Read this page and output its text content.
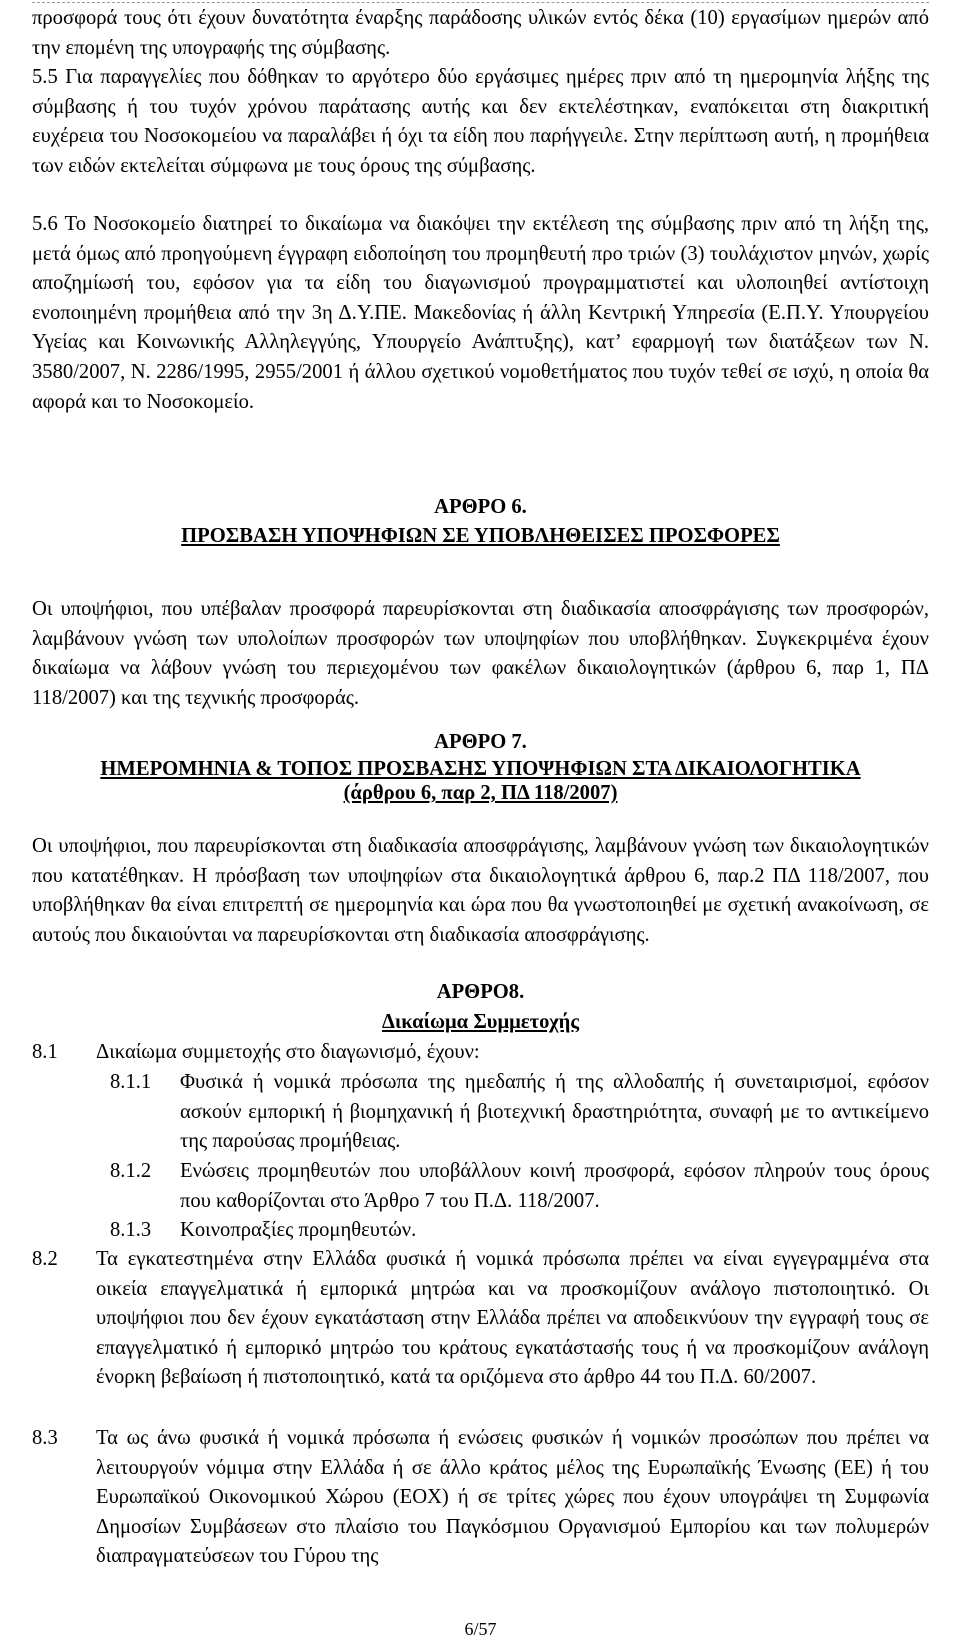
προσφορά τους ότι έχουν δυνατότητα έναρξης παράδοσης υλικών εντός δέκα (10) εργασίμων ημερών από την επομένη της υπογραφής της σύμβασης.

5.5 Για παραγγελίες που δόθηκαν το αργότερο δύο εργάσιμες ημέρες πριν από τη ημερομηνία λήξης της σύμβασης ή του τυχόν χρόνου παράτασης αυτής και δεν εκτελέστηκαν, εναπόκειται στη διακριτική ευχέρεια του Νοσοκομείου να παραλάβει ή όχι τα είδη που παρήγγειλε. Στην περίπτωση αυτή, η προμήθεια των ειδών εκτελείται σύμφωνα με τους όρους της σύμβασης.

5.6 Το Νοσοκομείο διατηρεί το δικαίωμα να διακόψει την εκτέλεση της σύμβασης πριν από τη λήξη της, μετά όμως από προηγούμενη έγγραφη ειδοποίηση του προμηθευτή προ τριών (3) τουλάχιστον μηνών, χωρίς αποζημίωσή του, εφόσον για τα είδη του διαγωνισμού προγραμματιστεί και υλοποιηθεί αντίστοιχη ενοποιημένη προμήθεια από την 3η Δ.Υ.ΠΕ. Μακεδονίας ή άλλη Κεντρική Υπηρεσία (Ε.Π.Υ. Υπουργείου Υγείας και Κοινωνικής Αλληλεγγύης, Υπουργείο Ανάπτυξης), κατ’ εφαρμογή των διατάξεων των Ν. 3580/2007, Ν. 2286/1995, 2955/2001 ή άλλου σχετικού νομοθετήματος που τυχόν τεθεί σε ισχύ, η οποία θα αφορά και το Νοσοκομείο.

ΑΡΘΡΟ 6.
ΠΡΟΣΒΑΣΗ ΥΠΟΨΗΦΙΩΝ ΣΕ ΥΠΟΒΛΗΘΕΙΣΕΣ ΠΡΟΣΦΟΡΕΣ

Οι υποψήφιοι, που υπέβαλαν προσφορά παρευρίσκονται στη διαδικασία αποσφράγισης των προσφορών, λαμβάνουν γνώση των υπολοίπων προσφορών των υποψηφίων που υποβλήθηκαν. Συγκεκριμένα έχουν δικαίωμα να λάβουν γνώση του περιεχομένου των φακέλων δικαιολογητικών (άρθρου 6, παρ 1, ΠΔ 118/2007) και της τεχνικής προσφοράς.

ΑΡΘΡΟ 7.
ΗΜΕΡΟΜΗΝΙΑ & ΤΟΠΟΣ ΠΡΟΣΒΑΣΗΣ ΥΠΟΨΗΦΙΩΝ ΣΤΑ ΔΙΚΑΙΟΛΟΓΗΤΙΚΑ
(άρθρου 6, παρ 2, ΠΔ 118/2007)

Οι υποψήφιοι, που παρευρίσκονται στη διαδικασία αποσφράγισης, λαμβάνουν γνώση των δικαιολογητικών που κατατέθηκαν. Η πρόσβαση των υποψηφίων στα δικαιολογητικά άρθρου 6, παρ.2 ΠΔ 118/2007, που υποβλήθηκαν θα είναι επιτρεπτή σε ημερομηνία και ώρα που θα γνωστοποιηθεί με σχετική ανακοίνωση, σε αυτούς που δικαιούνται να παρευρίσκονται στη διαδικασία αποσφράγισης.

ΑΡΘΡΟ8.
Δικαίωμα Συμμετοχής
8.1 Δικαίωμα συμμετοχής στο διαγωνισμό, έχουν:

8.1.1 Φυσικά ή νομικά πρόσωπα της ημεδαπής ή της αλλοδαπής ή συνεταιρισμοί, εφόσον ασκούν εμπορική ή βιομηχανική ή βιοτεχνική δραστηριότητα, συναφή με το αντικείμενο της παρούσας προμήθειας.

8.1.2 Ενώσεις προμηθευτών που υποβάλλουν κοινή προσφορά, εφόσον πληρούν τους όρους που καθορίζονται στο Άρθρο 7 του Π.Δ. 118/2007.

8.1.3 Κοινοπραξίες προμηθευτών.

8.2 Τα εγκατεστημένα στην Ελλάδα φυσικά ή νομικά πρόσωπα πρέπει να είναι εγγεγραμμένα στα οικεία επαγγελματικά ή εμπορικά μητρώα και να προσκομίζουν ανάλογο πιστοποιητικό. Οι υποψήφιοι που δεν έχουν εγκατάσταση στην Ελλάδα πρέπει να αποδεικνύουν την εγγραφή τους σε επαγγελματικό ή εμπορικό μητρώο του κράτους εγκατάστασής τους ή να προσκομίζουν ανάλογη ένορκη βεβαίωση ή πιστοποιητικό, κατά τα οριζόμενα στο άρθρο 44 του Π.Δ. 60/2007.

8.3 Τα ως άνω φυσικά ή νομικά πρόσωπα ή ενώσεις φυσικών ή νομικών προσώπων που πρέπει να λειτουργούν νόμιμα στην Ελλάδα ή σε άλλο κράτος μέλος της Ευρωπαϊκής Ένωσης (ΕΕ) ή του Ευρωπαϊκού Οικονομικού Χώρου (ΕΟΧ) ή σε τρίτες χώρες που έχουν υπογράψει τη Συμφωνία Δημοσίων Συμβάσεων στο πλαίσιο του Παγκόσμιου Οργανισμού Εμπορίου και των πολυμερών διαπραγματεύσεων του Γύρου της

6/57
